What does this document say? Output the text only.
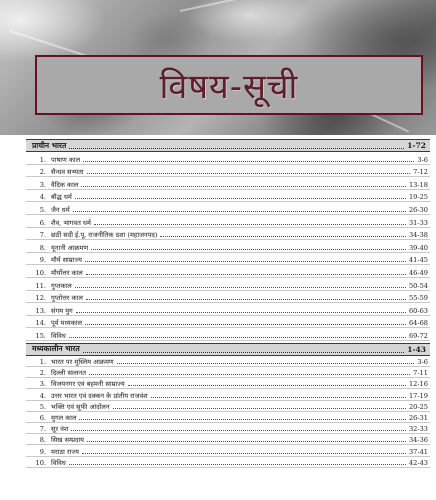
विषय-सूची
प्राचीन भारत	1-72
1. पाषाण काल	3-6
2. सैन्धव सभ्यता	7-12
3. वैदिक काल	13-18
4. बौद्ध धर्म	19-25
5. जैन धर्म	26-30
6. शैव, भागवत धर्म	31-33
7. छठीं सदी ई.पू. राजनीतिक दशा (महाजनपद)	34-38
8. यूनानी आक्रमण	39-40
9. मौर्य साम्राज्य	41-45
10. मौर्योत्तर काल	46-49
11. गुप्तकाल	50-54
12. गुप्तोत्तर काल	55-59
13. संगम युग	60-63
14. पूर्व मध्यकाल	64-68
15. विविध	69-72
मध्यकालीन भारत	1-43
1. भारत पर मुस्लिम आक्रमण	3-6
2. दिल्ली सल्तनत	7-11
3. विजयनगर एवं बहमनी साम्राज्य	12-16
4. उत्तर भारत एवं दक्कन के प्रांतीय राजवंश	17-19
5. भक्ति एवं सूफी आंदोलन	20-25
6. मुगल काल	26-31
7. सूर वंश	32-33
8. सिख सम्प्रदाय	34-36
9. मराठा राज्य	37-41
10. विविध	42-43
